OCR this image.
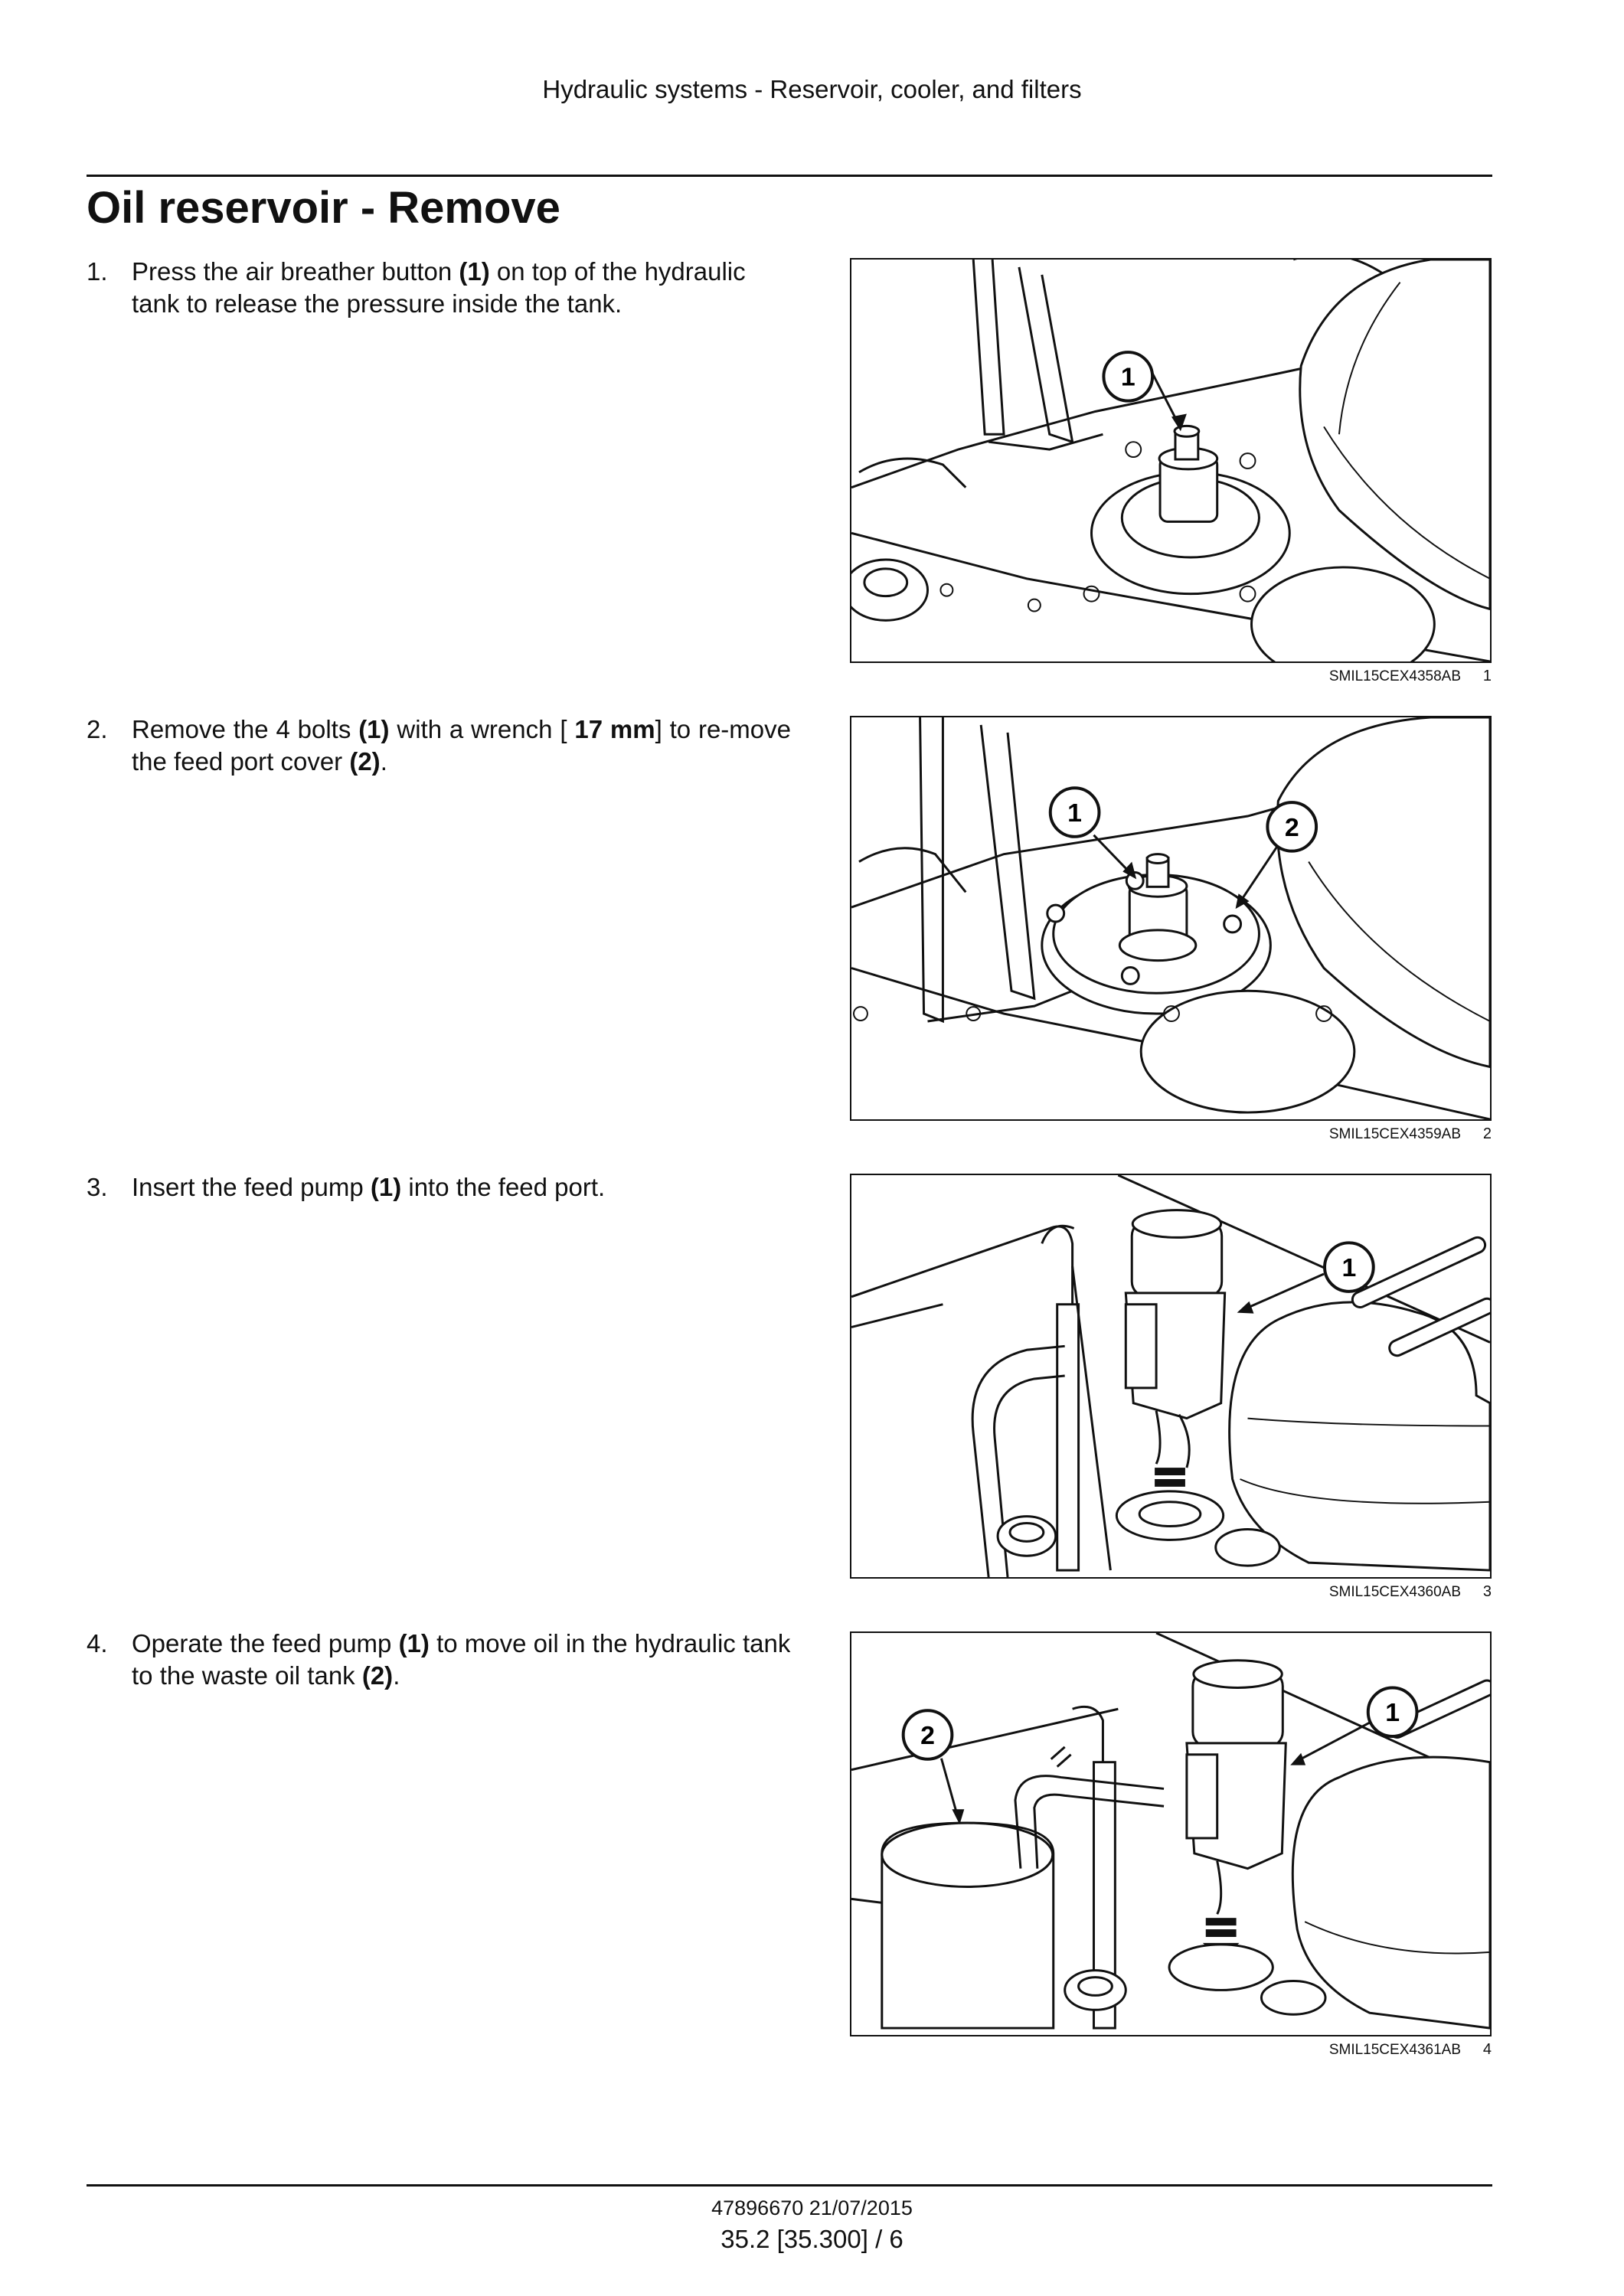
Hydraulic systems - Reservoir, cooler, and filters
Oil reservoir - Remove
1. Press the air breather button (1) on top of the hydraulic tank to release the pressure inside the tank.
2. Remove the 4 bolts (1) with a wrench [ 17 mm] to re-move the feed port cover (2).
3. Insert the feed pump (1) into the feed port.
4. Operate the feed pump (1) to move oil in the hydraulic tank to the waste oil tank (2).
1
SMIL15CEX4358AB 1
1	2
SMIL15CEX4359AB 2
1
SMIL15CEX4360AB 3
1
2
SMIL15CEX4361AB 4
47896670 21/07/2015
35.2 [35.300] / 6
